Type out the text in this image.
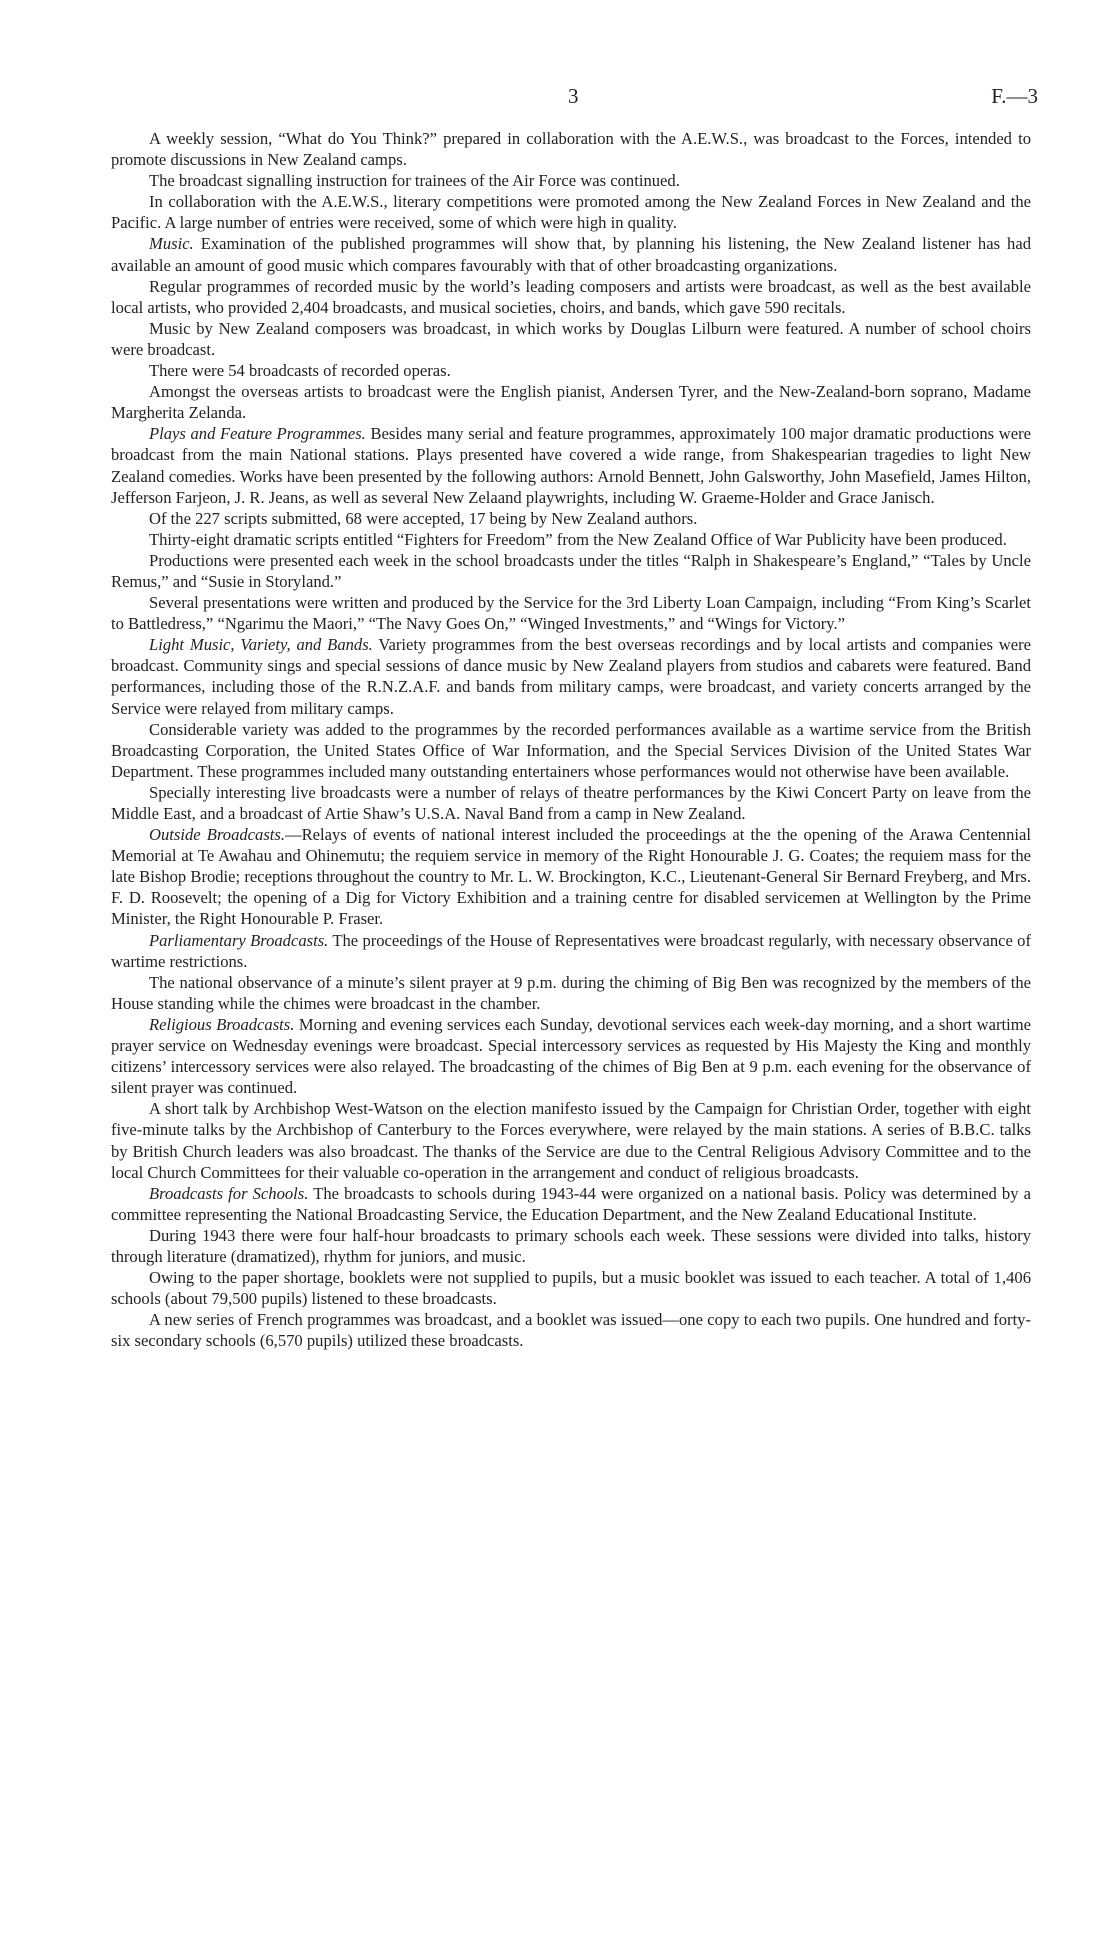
3	F.—3

A weekly session, “What do You Think?” prepared in collaboration with the A.E.W.S., was broadcast to the Forces, intended to promote discussions in New Zealand camps.

The broadcast signalling instruction for trainees of the Air Force was continued.

In collaboration with the A.E.W.S., literary competitions were promoted among the New Zealand Forces in New Zealand and the Pacific. A large number of entries were received, some of which were high in quality.

Music. Examination of the published programmes will show that, by planning his listening, the New Zealand listener has had available an amount of good music which compares favourably with that of other broadcasting organizations.

Regular programmes of recorded music by the world’s leading composers and artists were broadcast, as well as the best available local artists, who provided 2,404 broadcasts, and musical societies, choirs, and bands, which gave 590 recitals.

Music by New Zealand composers was broadcast, in which works by Douglas Lilburn were featured. A number of school choirs were broadcast.

There were 54 broadcasts of recorded operas.

Amongst the overseas artists to broadcast were the English pianist, Andersen Tyrer, and the New-Zealand-born soprano, Madame Margherita Zelanda.

Plays and Feature Programmes. Besides many serial and feature programmes, approximately 100 major dramatic productions were broadcast from the main National stations. Plays presented have covered a wide range, from Shakespearian tragedies to light New Zealand comedies. Works have been presented by the following authors: Arnold Bennett, John Galsworthy, John Masefield, James Hilton, Jefferson Farjeon, J. R. Jeans, as well as several New Zelaand playwrights, including W. Graeme-Holder and Grace Janisch.

Of the 227 scripts submitted, 68 were accepted, 17 being by New Zealand authors.

Thirty-eight dramatic scripts entitled “Fighters for Freedom” from the New Zealand Office of War Publicity have been produced.

Productions were presented each week in the school broadcasts under the titles “Ralph in Shakespeare’s England,” “Tales by Uncle Remus,” and “Susie in Storyland.”

Several presentations were written and produced by the Service for the 3rd Liberty Loan Campaign, including “From King’s Scarlet to Battledress,” “Ngarimu the Maori,” “The Navy Goes On,” “Winged Investments,” and “Wings for Victory.”

Light Music, Variety, and Bands. Variety programmes from the best overseas recordings and by local artists and companies were broadcast. Community sings and special sessions of dance music by New Zealand players from studios and cabarets were featured. Band performances, including those of the R.N.Z.A.F. and bands from military camps, were broadcast, and variety concerts arranged by the Service were relayed from military camps.

Considerable variety was added to the programmes by the recorded performances available as a wartime service from the British Broadcasting Corporation, the United States Office of War Information, and the Special Services Division of the United States War Department. These programmes included many outstanding entertainers whose performances would not otherwise have been available.

Specially interesting live broadcasts were a number of relays of theatre performances by the Kiwi Concert Party on leave from the Middle East, and a broadcast of Artie Shaw’s U.S.A. Naval Band from a camp in New Zealand.

Outside Broadcasts.—Relays of events of national interest included the proceedings at the the opening of the Arawa Centennial Memorial at Te Awahau and Ohinemutu; the requiem service in memory of the Right Honourable J. G. Coates; the requiem mass for the late Bishop Brodie; receptions throughout the country to Mr. L. W. Brockington, K.C., Lieutenant-General Sir Bernard Freyberg, and Mrs. F. D. Roosevelt; the opening of a Dig for Victory Exhibition and a training centre for disabled servicemen at Wellington by the Prime Minister, the Right Honourable P. Fraser.

Parliamentary Broadcasts. The proceedings of the House of Representatives were broadcast regularly, with necessary observance of wartime restrictions.

The national observance of a minute’s silent prayer at 9 p.m. during the chiming of Big Ben was recognized by the members of the House standing while the chimes were broadcast in the chamber.

Religious Broadcasts. Morning and evening services each Sunday, devotional services each week-day morning, and a short wartime prayer service on Wednesday evenings were broadcast. Special intercessory services as requested by His Majesty the King and monthly citizens’ intercessory services were also relayed. The broadcasting of the chimes of Big Ben at 9 p.m. each evening for the observance of silent prayer was continued.

A short talk by Archbishop West-Watson on the election manifesto issued by the Campaign for Christian Order, together with eight five-minute talks by the Archbishop of Canterbury to the Forces everywhere, were relayed by the main stations. A series of B.B.C. talks by British Church leaders was also broadcast. The thanks of the Service are due to the Central Religious Advisory Committee and to the local Church Committees for their valuable co-operation in the arrangement and conduct of religious broadcasts.

Broadcasts for Schools. The broadcasts to schools during 1943-44 were organized on a national basis. Policy was determined by a committee representing the National Broadcasting Service, the Education Department, and the New Zealand Educational Institute.

During 1943 there were four half-hour broadcasts to primary schools each week. These sessions were divided into talks, history through literature (dramatized), rhythm for juniors, and music.

Owing to the paper shortage, booklets were not supplied to pupils, but a music booklet was issued to each teacher. A total of 1,406 schools (about 79,500 pupils) listened to these broadcasts.

A new series of French programmes was broadcast, and a booklet was issued—one copy to each two pupils. One hundred and forty-six secondary schools (6,570 pupils) utilized these broadcasts.
